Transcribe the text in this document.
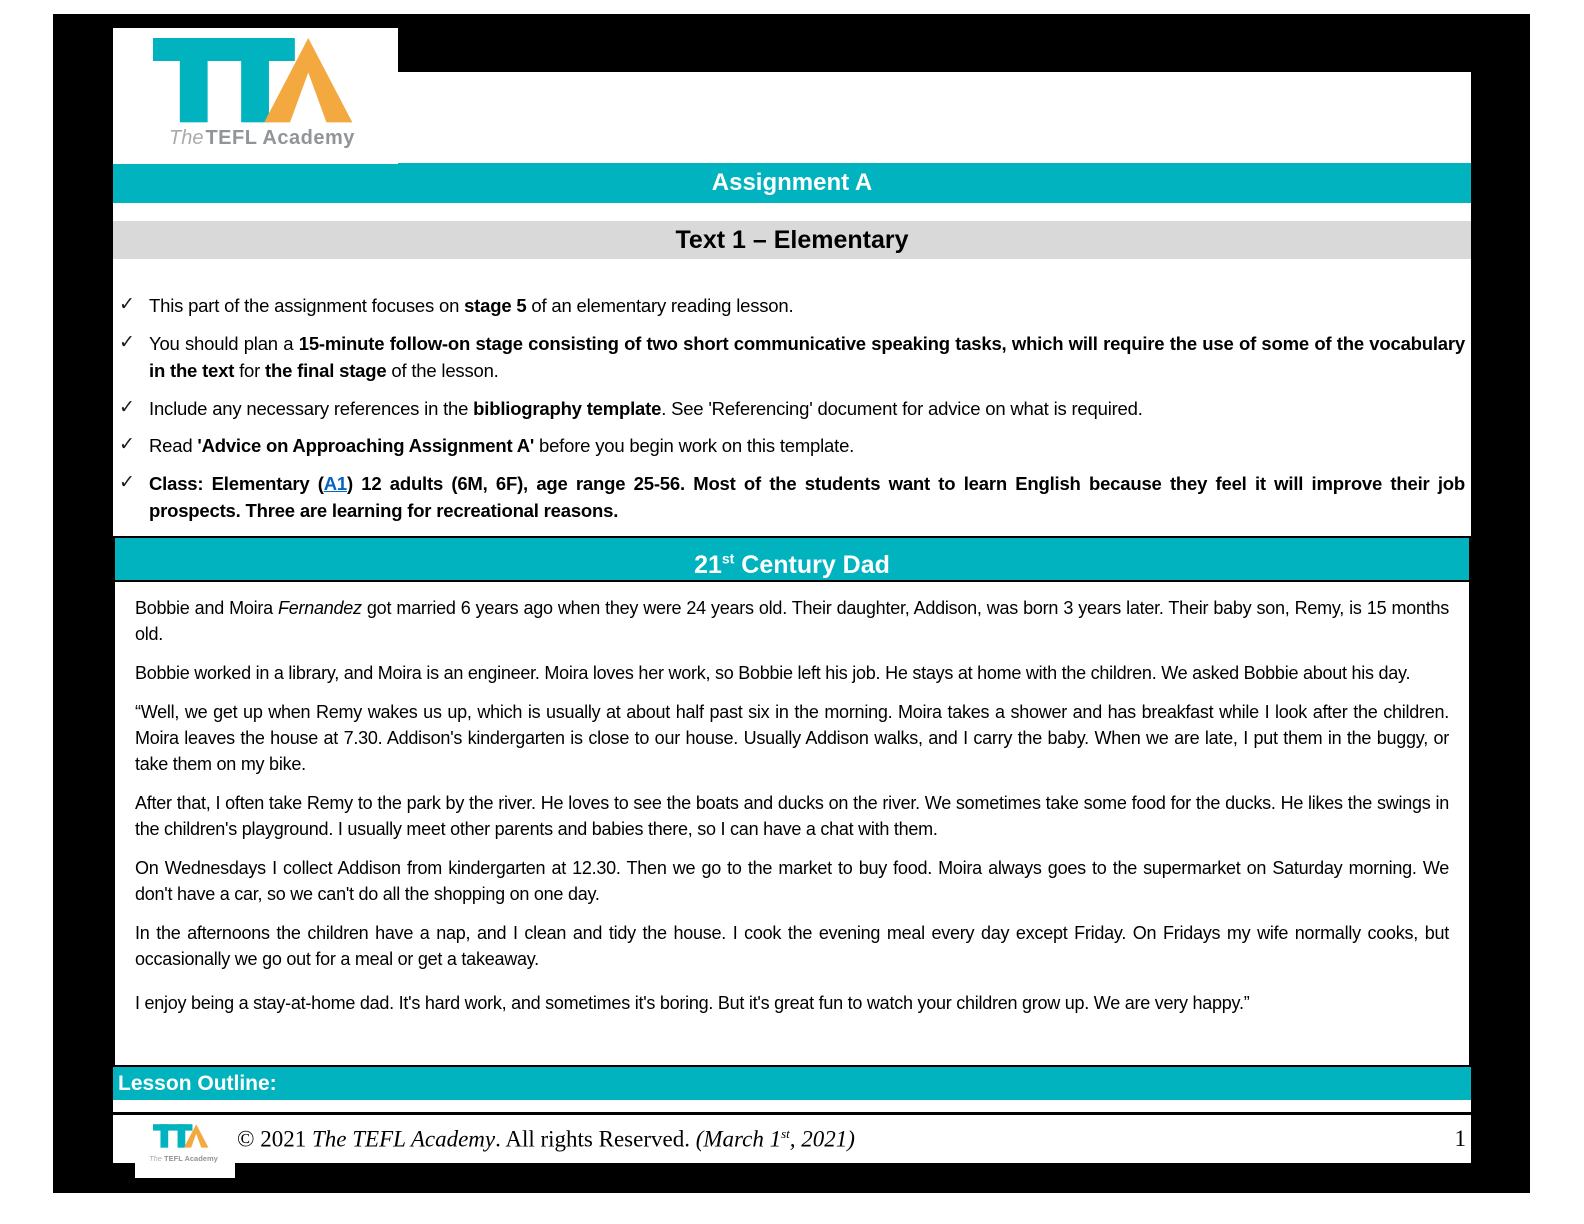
Assignment A
Text 1 – Elementary
✓ This part of the assignment focuses on stage 5 of an elementary reading lesson.
✓ You should plan a 15-minute follow-on stage consisting of two short communicative speaking tasks, which will require the use of some of the vocabulary in the text for the final stage of the lesson.
✓ Include any necessary references in the bibliography template. See 'Referencing' document for advice on what is required.
✓ Read 'Advice on Approaching Assignment A' before you begin work on this template.
✓ Class: Elementary (A1) 12 adults (6M, 6F), age range 25-56. Most of the students want to learn English because they feel it will improve their job prospects. Three are learning for recreational reasons.
21st Century Dad

Bobbie and Moira Fernandez got married 6 years ago when they were 24 years old. Their daughter, Addison, was born 3 years later. Their baby son, Remy, is 15 months old.

Bobbie worked in a library, and Moira is an engineer. Moira loves her work, so Bobbie left his job. He stays at home with the children. We asked Bobbie about his day.

“Well, we get up when Remy wakes us up, which is usually at about half past six in the morning. Moira takes a shower and has breakfast while I look after the children. Moira leaves the house at 7.30. Addison's kindergarten is close to our house. Usually Addison walks, and I carry the baby. When we are late, I put them in the buggy, or take them on my bike.

After that, I often take Remy to the park by the river. He loves to see the boats and ducks on the river. We sometimes take some food for the ducks. He likes the swings in the children's playground. I usually meet other parents and babies there, so I can have a chat with them.

On Wednesdays I collect Addison from kindergarten at 12.30. Then we go to the market to buy food. Moira always goes to the supermarket on Saturday morning. We don't have a car, so we can't do all the shopping on one day.

In the afternoons the children have a nap, and I clean and tidy the house. I cook the evening meal every day except Friday. On Fridays my wife normally cooks, but occasionally we go out for a meal or get a takeaway.

I enjoy being a stay-at-home dad. It's hard work, and sometimes it's boring. But it's great fun to watch your children grow up. We are very happy.”

Lesson Outline:
© 2021 The TEFL Academy. All rights Reserved. (March 1st, 2021)	1
The TEFL Academy
The TEFL Academy
